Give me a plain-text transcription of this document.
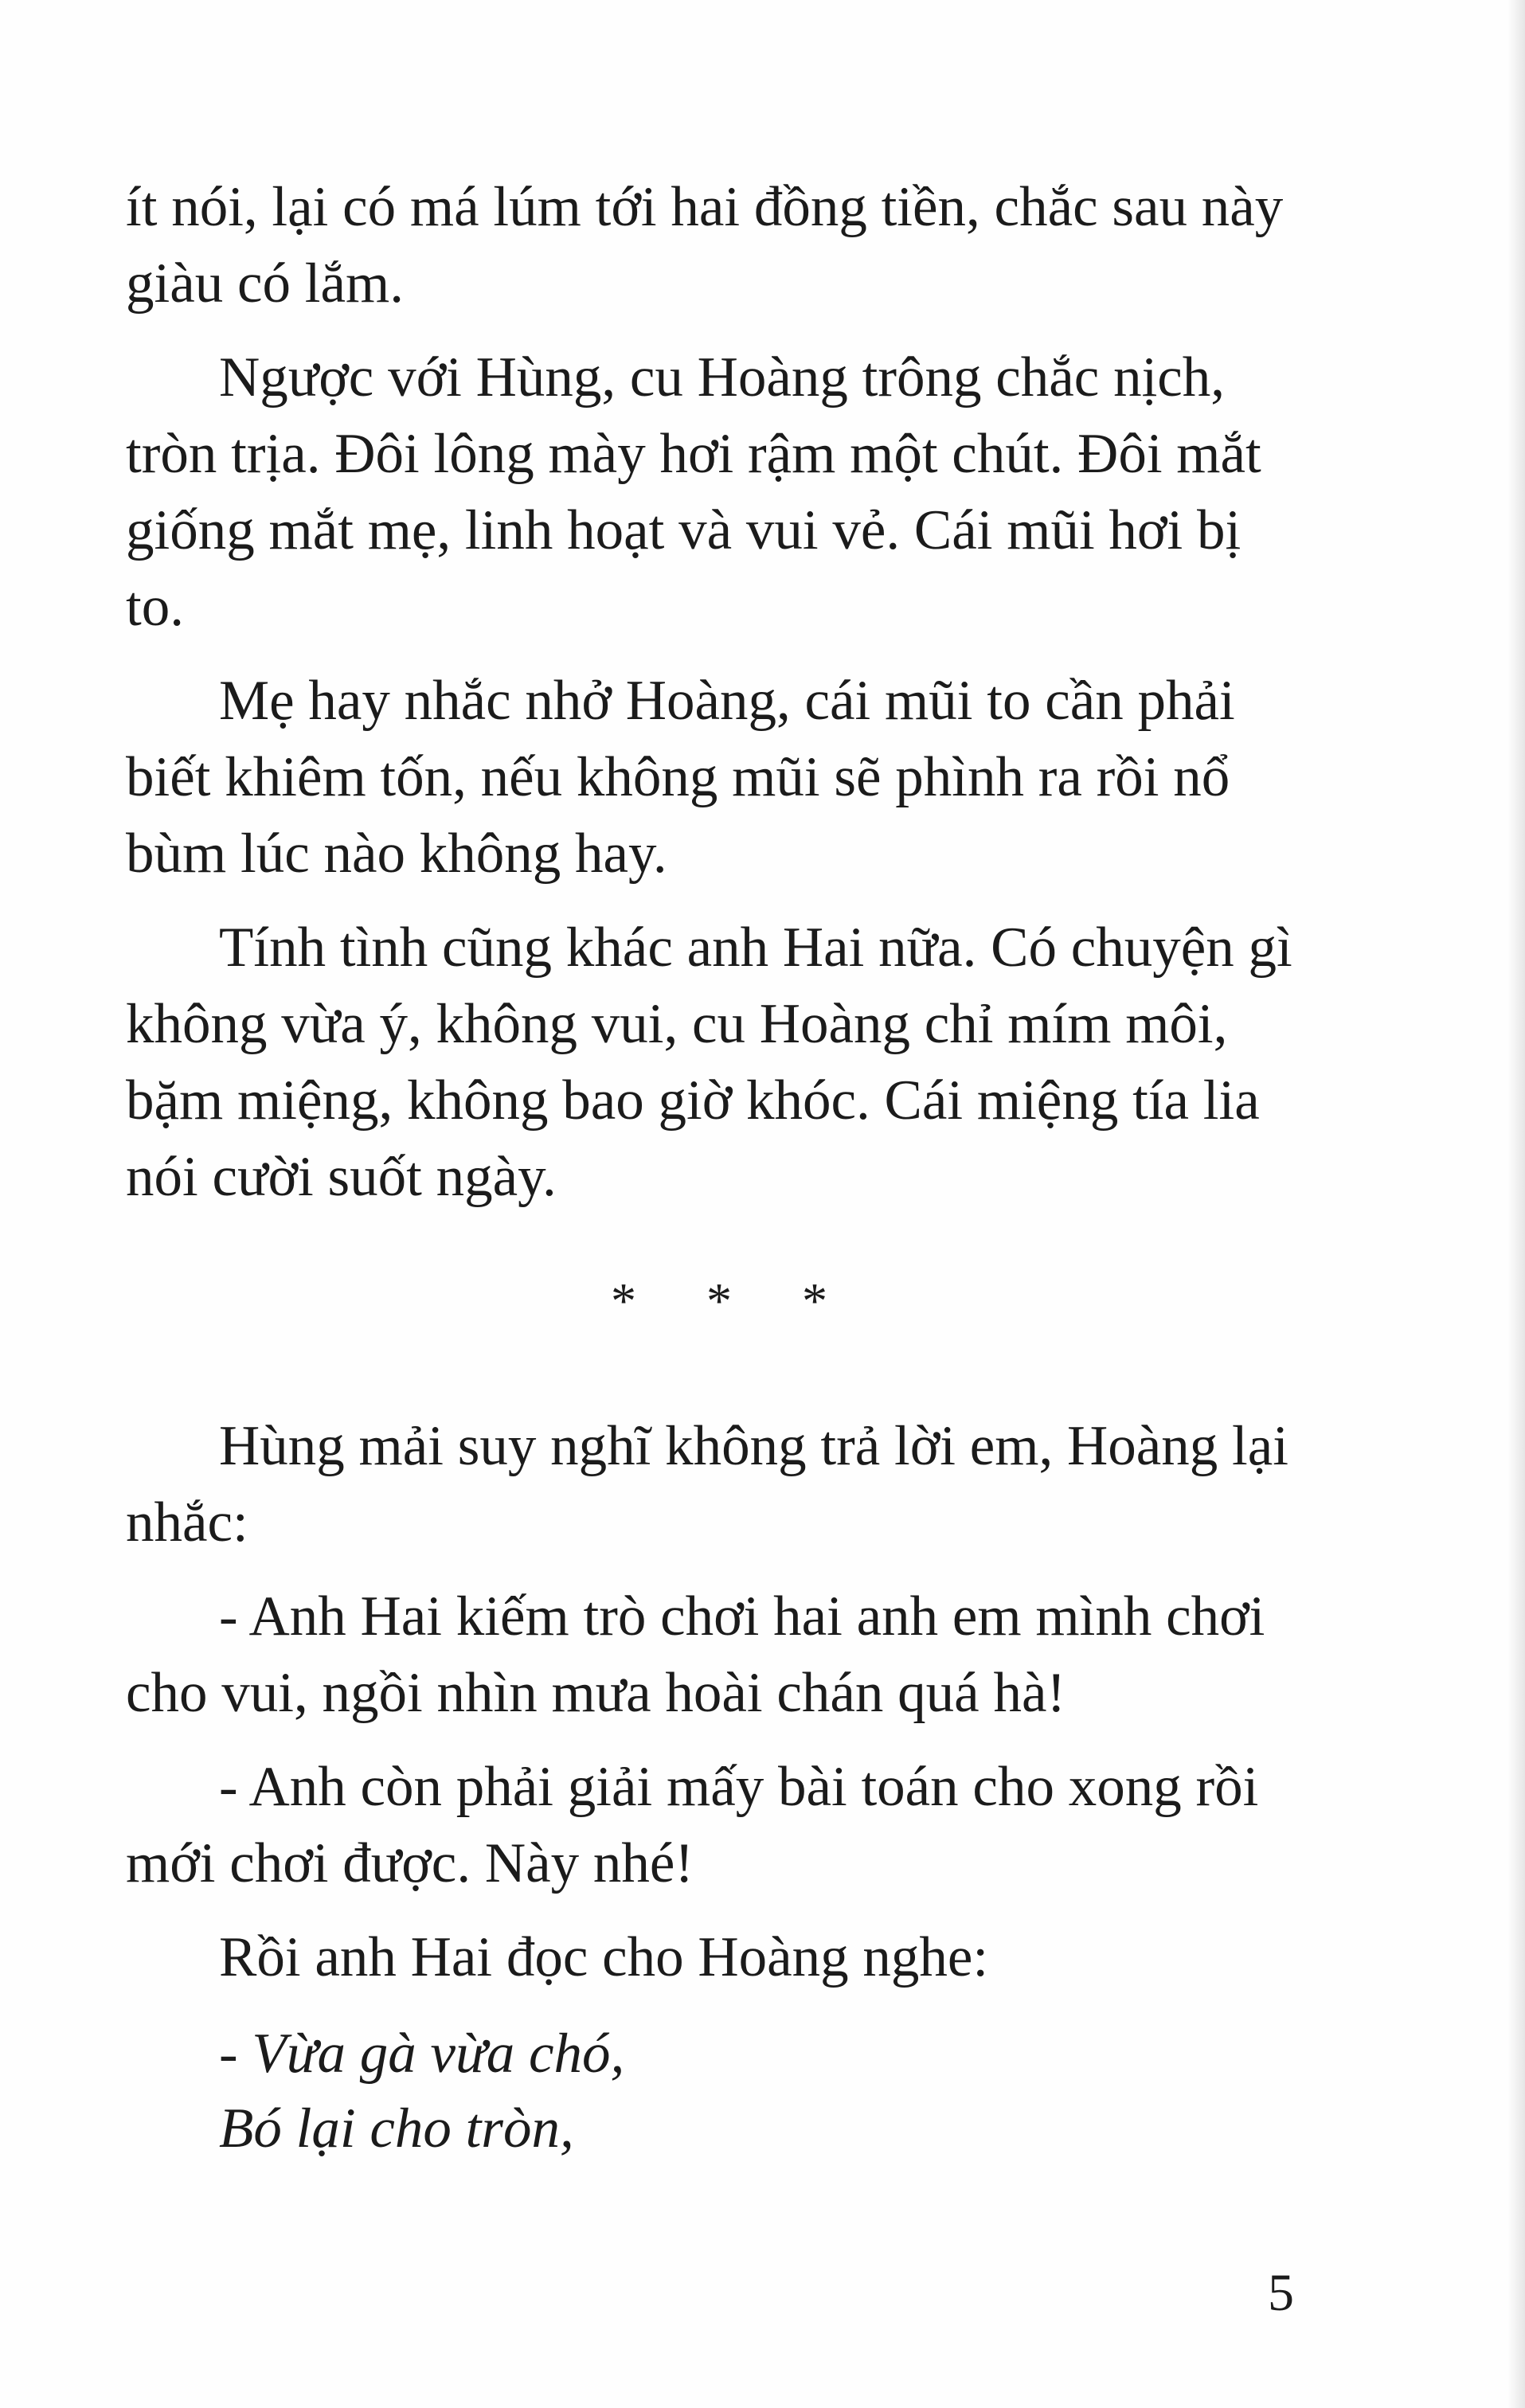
ít nói, lại có má lúm tới hai đồng tiền, chắc sau này giàu có lắm.

Ngược với Hùng, cu Hoàng trông chắc nịch, tròn trịa. Đôi lông mày hơi rậm một chút. Đôi mắt giống mắt mẹ, linh hoạt và vui vẻ. Cái mũi hơi bị to.

Mẹ hay nhắc nhở Hoàng, cái mũi to cần phải biết khiêm tốn, nếu không mũi sẽ phình ra rồi nổ bùm lúc nào không hay.

Tính tình cũng khác anh Hai nữa. Có chuyện gì không vừa ý, không vui, cu Hoàng chỉ mím môi, bặm miệng, không bao giờ khóc. Cái miệng tía lia nói cười suốt ngày.

* * *

Hùng mải suy nghĩ không trả lời em, Hoàng lại nhắc:

- Anh Hai kiếm trò chơi hai anh em mình chơi cho vui, ngồi nhìn mưa hoài chán quá hà!

- Anh còn phải giải mấy bài toán cho xong rồi mới chơi được. Này nhé!

Rồi anh Hai đọc cho Hoàng nghe:

- Vừa gà vừa chó,
Bó lại cho tròn,
5
